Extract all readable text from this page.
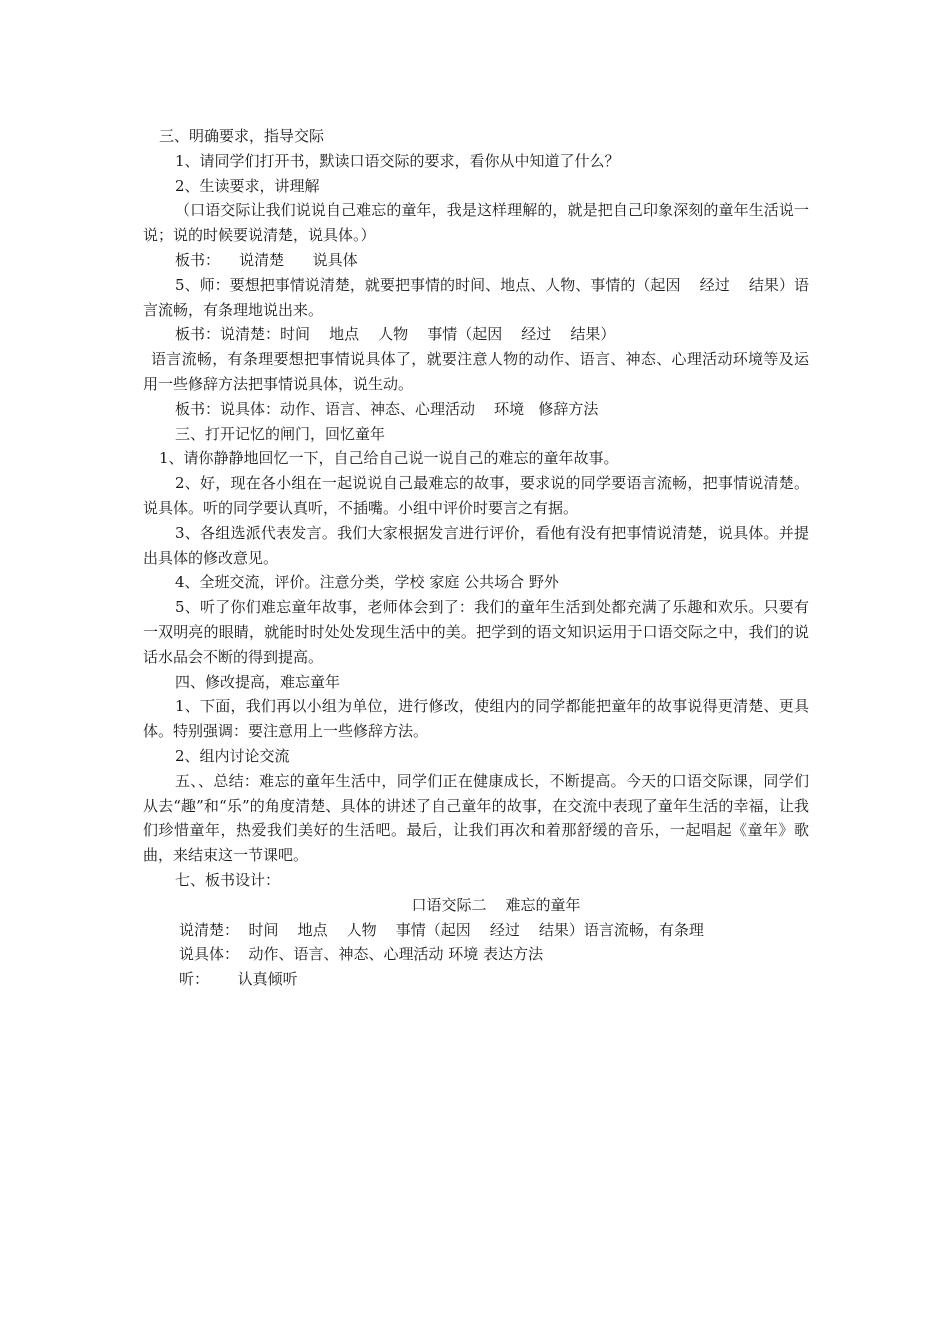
三、明确要求，指导交际

1、请同学们打开书，默读口语交际的要求，看你从中知道了什么？

2、生读要求，讲理解

（口语交际让我们说说自己难忘的童年，我是这样理解的，就是把自己印象深刻的童年生活说一说；说的时候要说清楚，说具体。）

板书：    说清楚      说具体

5、师：要想把事情说清楚，就要把事情的时间、地点、人物、事情的（起因    经过    结果）语言流畅，有条理地说出来。

板书：说清楚：时间    地点    人物    事情（起因    经过    结果）

语言流畅，有条理要想把事情说具体了，就要注意人物的动作、语言、神态、心理活动环境等及运用一些修辞方法把事情说具体，说生动。

板书：说具体：动作、语言、神态、心理活动    环境   修辞方法

三、打开记忆的闸门，回忆童年

1、请你静静地回忆一下，自己给自己说一说自己的难忘的童年故事。

2、好，现在各小组在一起说说自己最难忘的故事，要求说的同学要语言流畅，把事情说清楚。说具体。听的同学要认真听，不插嘴。小组中评价时要言之有据。

3、各组选派代表发言。我们大家根据发言进行评价，看他有没有把事情说清楚，说具体。并提出具体的修改意见。

4、全班交流，评价。注意分类，学校 家庭 公共场合 野外

5、听了你们难忘童年故事，老师体会到了：我们的童年生活到处都充满了乐趣和欢乐。只要有一双明亮的眼睛，就能时时处处发现生活中的美。把学到的语文知识运用于口语交际之中，我们的说话水品会不断的得到提高。

四、修改提高，难忘童年

1、下面，我们再以小组为单位，进行修改，使组内的同学都能把童年的故事说得更清楚、更具体。特别强调：要注意用上一些修辞方法。

2、组内讨论交流

五、、总结：难忘的童年生活中，同学们正在健康成长，不断提高。今天的口语交际课，同学们从去“趣”和“乐”的角度清楚、具体的讲述了自己童年的故事，在交流中表现了童年生活的幸福，让我们珍惜童年，热爱我们美好的生活吧。最后，让我们再次和着那舒缓的音乐，一起唱起《童年》歌曲，来结束这一节课吧。

七、板书设计：

口语交际二    难忘的童年

说清楚：  时间    地点    人物    事情（起因    经过    结果）语言流畅，有条理

说具体：  动作、语言、神态、心理活动 环境 表达方法

听：      认真倾听
